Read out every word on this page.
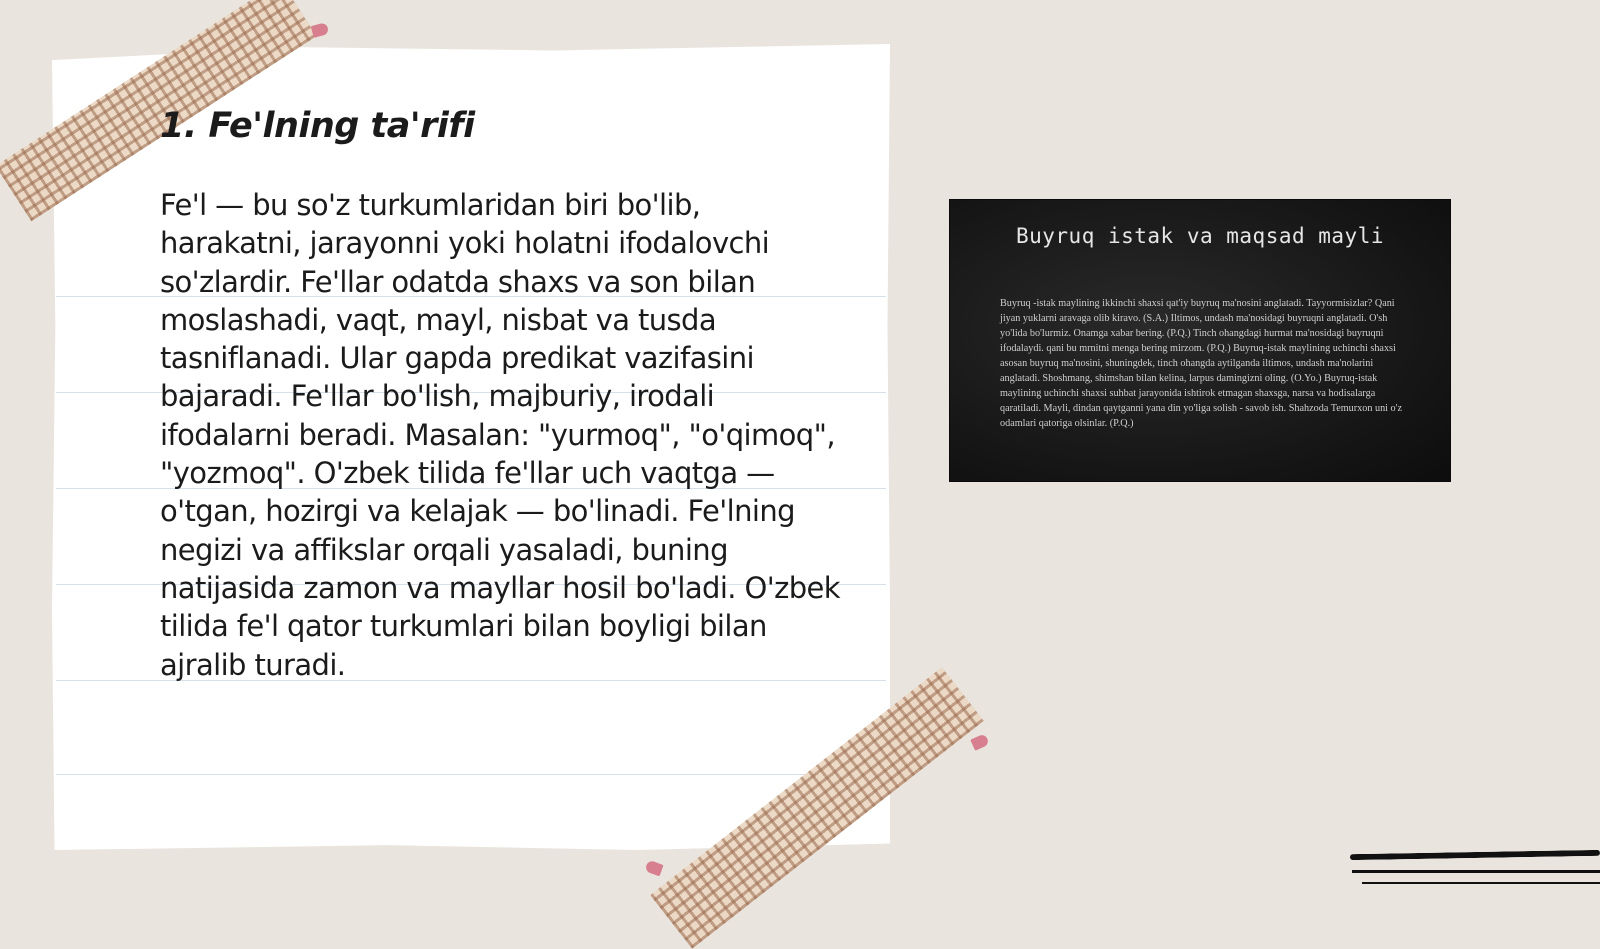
1. Fe'lning ta'rifi

Fe'l — bu so'z turkumlaridan biri bo'lib, harakatni, jarayonni yoki holatni ifodalovchi so'zlardir. Fe'llar odatda shaxs va son bilan moslashadi, vaqt, mayl, nisbat va tusda tasniflanadi. Ular gapda predikat vazifasini bajaradi. Fe'llar bo'lish, majburiy, irodali ifodalarni beradi. Masalan: "yurmoq", "o'qimoq", "yozmoq". O'zbek tilida fe'llar uch vaqtga — o'tgan, hozirgi va kelajak — bo'linadi. Fe'lning negizi va affikslar orqali yasaladi, buning natijasida zamon va mayllar hosil bo'ladi. O'zbek tilida fe'l qator turkumlari bilan boyligi bilan ajralib turadi.

Buyruq istak va maqsad mayli

Buyruq -istak maylining ikkinchi shaxsi qat'iy buyruq ma'nosini anglatadi. Tayyormisizlar? Qani jiyan yuklarni aravaga olib kiravo. (S.A.) Iltimos, undash ma'nosidagi buyruqni anglatadi. O'sh yo'lida bo'lurmiz. Onamga xabar bering. (P.Q.) Tinch ohangdagi hurmat ma'nosidagi buyruqni ifodalaydi. qani bu mrnitni menga bering mirzom. (P.Q.) Buyruq-istak maylining uchinchi shaxsi asosan buyruq ma'nosini, shuningdek, tinch ohangda aytilganda iltimos, undash ma'nolarini anglatadi. Shoshmang, shimshan bilan kelina, larpus damingizni oling. (O.Yo.) Buyruq-istak maylining uchinchi shaxsi suhbat jarayonida ishtirok etmagan shaxsga, narsa va hodisalarga qaratiladi. Mayli, dindan qaytganni yana din yo'liga solish - savob ish. Shahzoda Temurxon uni o'z odamlari qatoriga olsinlar. (P.Q.)
